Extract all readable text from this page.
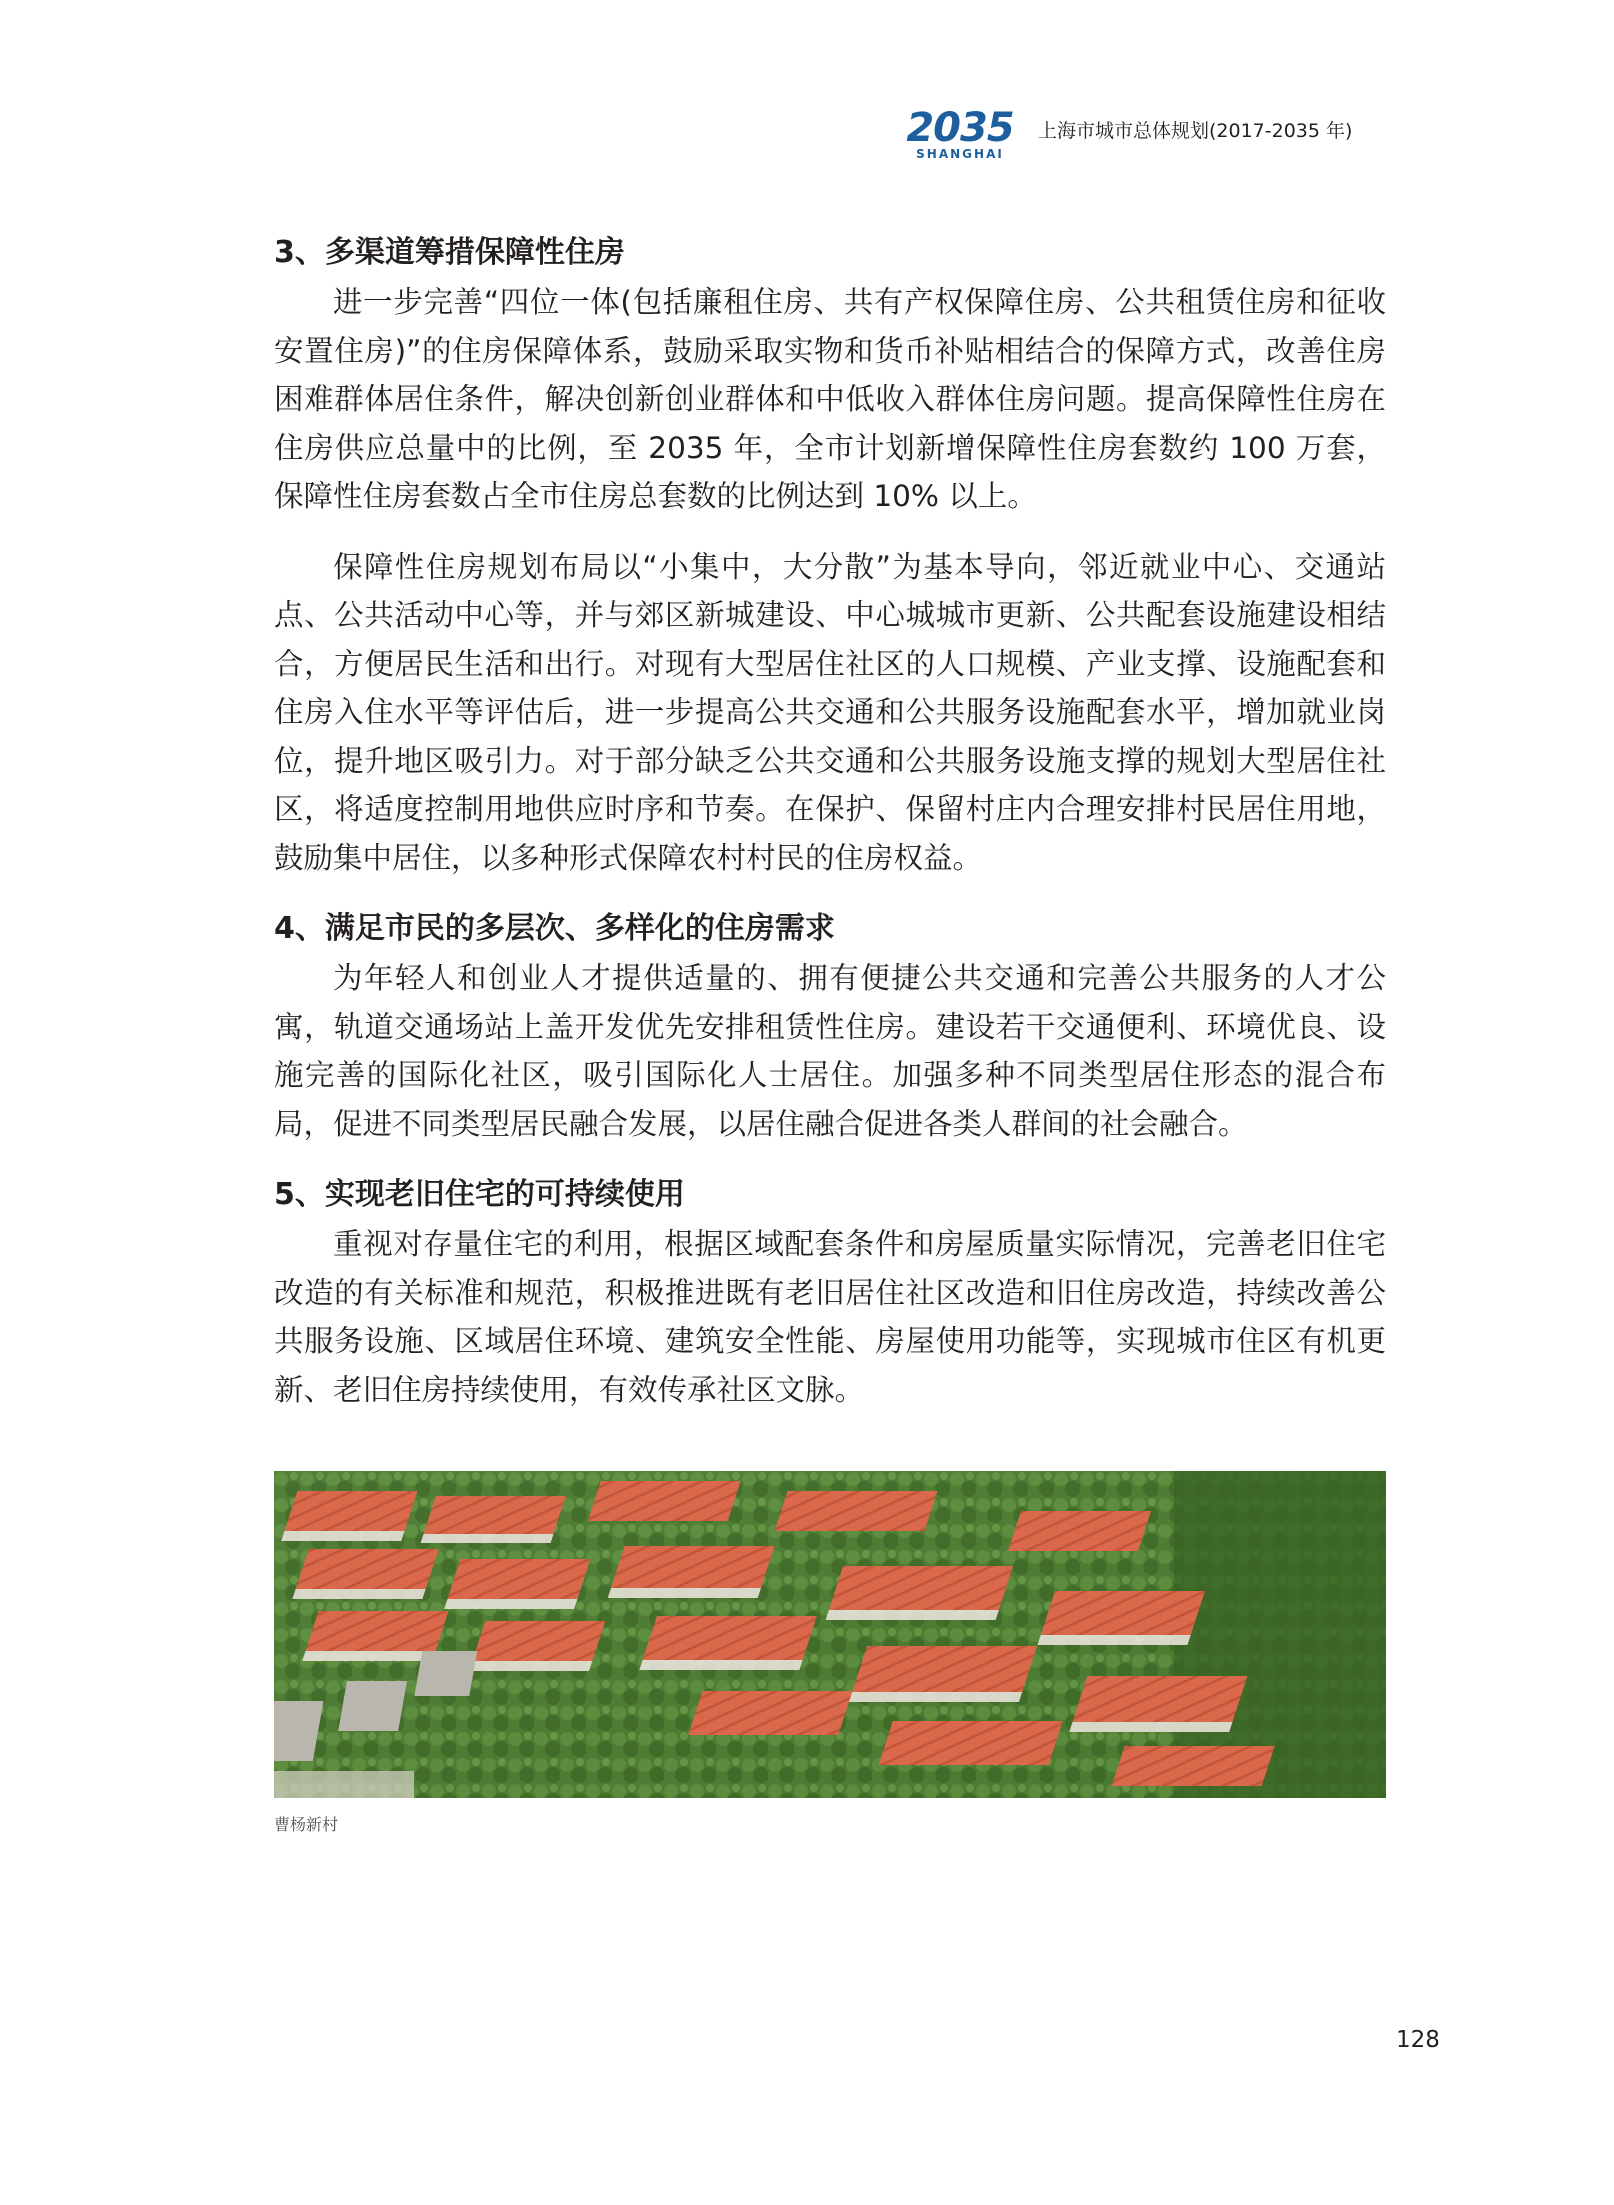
2035
SHANGHAI
上海市城市总体规划(2017-2035 年)
3、多渠道筹措保障性住房

进一步完善“四位一体(包括廉租住房、共有产权保障住房、公共租赁住房和征收安置住房)”的住房保障体系，鼓励采取实物和货币补贴相结合的保障方式，改善住房困难群体居住条件，解决创新创业群体和中低收入群体住房问题。提高保障性住房在住房供应总量中的比例，至 2035 年，全市计划新增保障性住房套数约 100 万套，保障性住房套数占全市住房总套数的比例达到 10% 以上。

保障性住房规划布局以“小集中，大分散”为基本导向，邻近就业中心、交通站点、公共活动中心等，并与郊区新城建设、中心城城市更新、公共配套设施建设相结合，方便居民生活和出行。对现有大型居住社区的人口规模、产业支撑、设施配套和住房入住水平等评估后，进一步提高公共交通和公共服务设施配套水平，增加就业岗位，提升地区吸引力。对于部分缺乏公共交通和公共服务设施支撑的规划大型居住社区，将适度控制用地供应时序和节奏。在保护、保留村庄内合理安排村民居住用地，鼓励集中居住，以多种形式保障农村村民的住房权益。

4、满足市民的多层次、多样化的住房需求

为年轻人和创业人才提供适量的、拥有便捷公共交通和完善公共服务的人才公寓，轨道交通场站上盖开发优先安排租赁性住房。建设若干交通便利、环境优良、设施完善的国际化社区，吸引国际化人士居住。加强多种不同类型居住形态的混合布局，促进不同类型居民融合发展，以居住融合促进各类人群间的社会融合。

5、实现老旧住宅的可持续使用

重视对存量住宅的利用，根据区域配套条件和房屋质量实际情况，完善老旧住宅改造的有关标准和规范，积极推进既有老旧居住社区改造和旧住房改造，持续改善公共服务设施、区域居住环境、建筑安全性能、房屋使用功能等，实现城市住区有机更新、老旧住房持续使用，有效传承社区文脉。

曹杨新村
128
